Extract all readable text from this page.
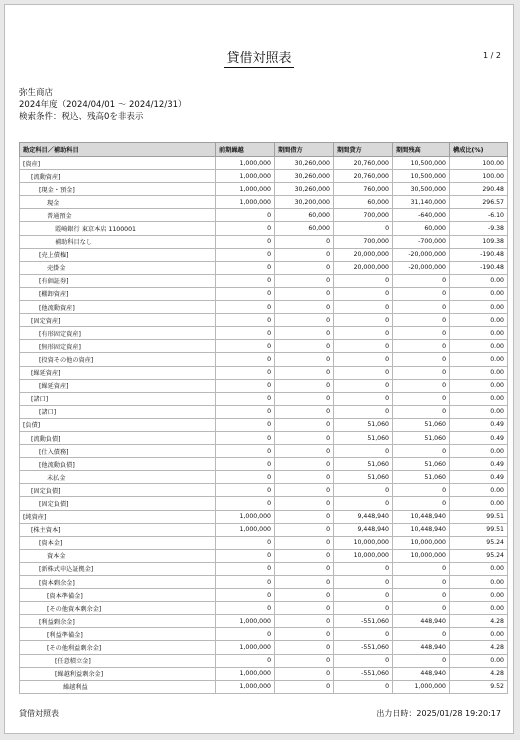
貸借対照表	1 / 2
弥生商店
2024年度（2024/04/01 ～ 2024/12/31）
検索条件：税込、残高0を非表示
勘定科目／補助科目	前期繰越	期間借方	期間貸方	期間残高	構成比(%)
[資産]	1,000,000	30,260,000	20,760,000	10,500,000	100.00
[流動資産]	1,000,000	30,260,000	20,760,000	10,500,000	100.00
[現金・預金]	1,000,000	30,260,000	760,000	30,500,000	290.48
現金	1,000,000	30,200,000	60,000	31,140,000	296.57
普通預金	0	60,000	700,000	-640,000	-6.10
霞崎銀行 東京本店 1100001	0	60,000	0	60,000	-9.38
補助科目なし	0	0	700,000	-700,000	109.38
[売上債権]	0	0	20,000,000	-20,000,000	-190.48
売掛金	0	0	20,000,000	-20,000,000	-190.48
[有価証券]	0	0	0	0	0.00
[棚卸資産]	0	0	0	0	0.00
[他流動資産]	0	0	0	0	0.00
[固定資産]	0	0	0	0	0.00
[有形固定資産]	0	0	0	0	0.00
[無形固定資産]	0	0	0	0	0.00
[投資その他の資産]	0	0	0	0	0.00
[繰延資産]	0	0	0	0	0.00
[繰延資産]	0	0	0	0	0.00
[諸口]	0	0	0	0	0.00
[諸口]	0	0	0	0	0.00
[負債]	0	0	51,060	51,060	0.49
[流動負債]	0	0	51,060	51,060	0.49
[仕入債務]	0	0	0	0	0.00
[他流動負債]	0	0	51,060	51,060	0.49
未払金	0	0	51,060	51,060	0.49
[固定負債]	0	0	0	0	0.00
[固定負債]	0	0	0	0	0.00
[純資産]	1,000,000	0	9,448,940	10,448,940	99.51
[株主資本]	1,000,000	0	9,448,940	10,448,940	99.51
[資本金]	0	0	10,000,000	10,000,000	95.24
資本金	0	0	10,000,000	10,000,000	95.24
[新株式申込証拠金]	0	0	0	0	0.00
[資本剰余金]	0	0	0	0	0.00
[資本準備金]	0	0	0	0	0.00
[その他資本剰余金]	0	0	0	0	0.00
[利益剰余金]	1,000,000	0	-551,060	448,940	4.28
[利益準備金]	0	0	0	0	0.00
[その他利益剰余金]	1,000,000	0	-551,060	448,940	4.28
[任意積立金]	0	0	0	0	0.00
[繰越利益剰余金]	1,000,000	0	-551,060	448,940	4.28
繰越利益	1,000,000	0	0	1,000,000	9.52
貸借対照表	出力日時：2025/01/28 19:20:17
